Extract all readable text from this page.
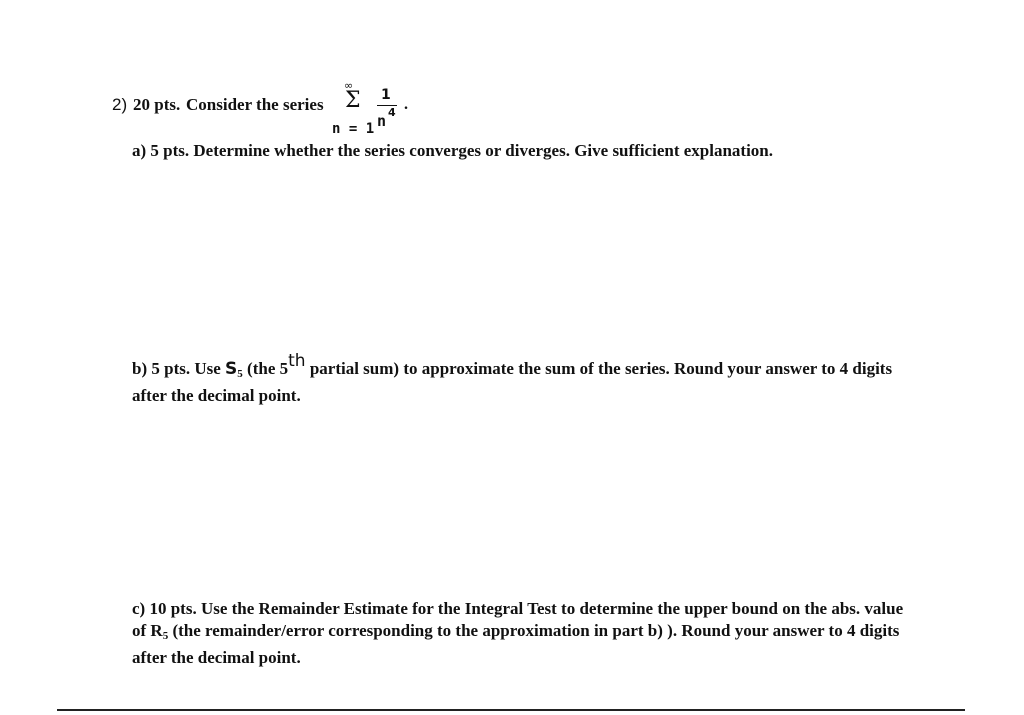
2) 20 pts. Consider the series
∞
Σ 1
n 4 .
n = 1
a) 5 pts. Determine whether the series converges or diverges. Give sufficient explanation.
b) 5 pts. Use S5 (the 5th partial sum) to approximate the sum of the series. Round your answer to 4 digits
after the decimal point.
c) 10 pts. Use the Remainder Estimate for the Integral Test to determine the upper bound on the abs. value
of R5 (the remainder/error corresponding to the approximation in part b) ). Round your answer to 4 digits
after the decimal point.
